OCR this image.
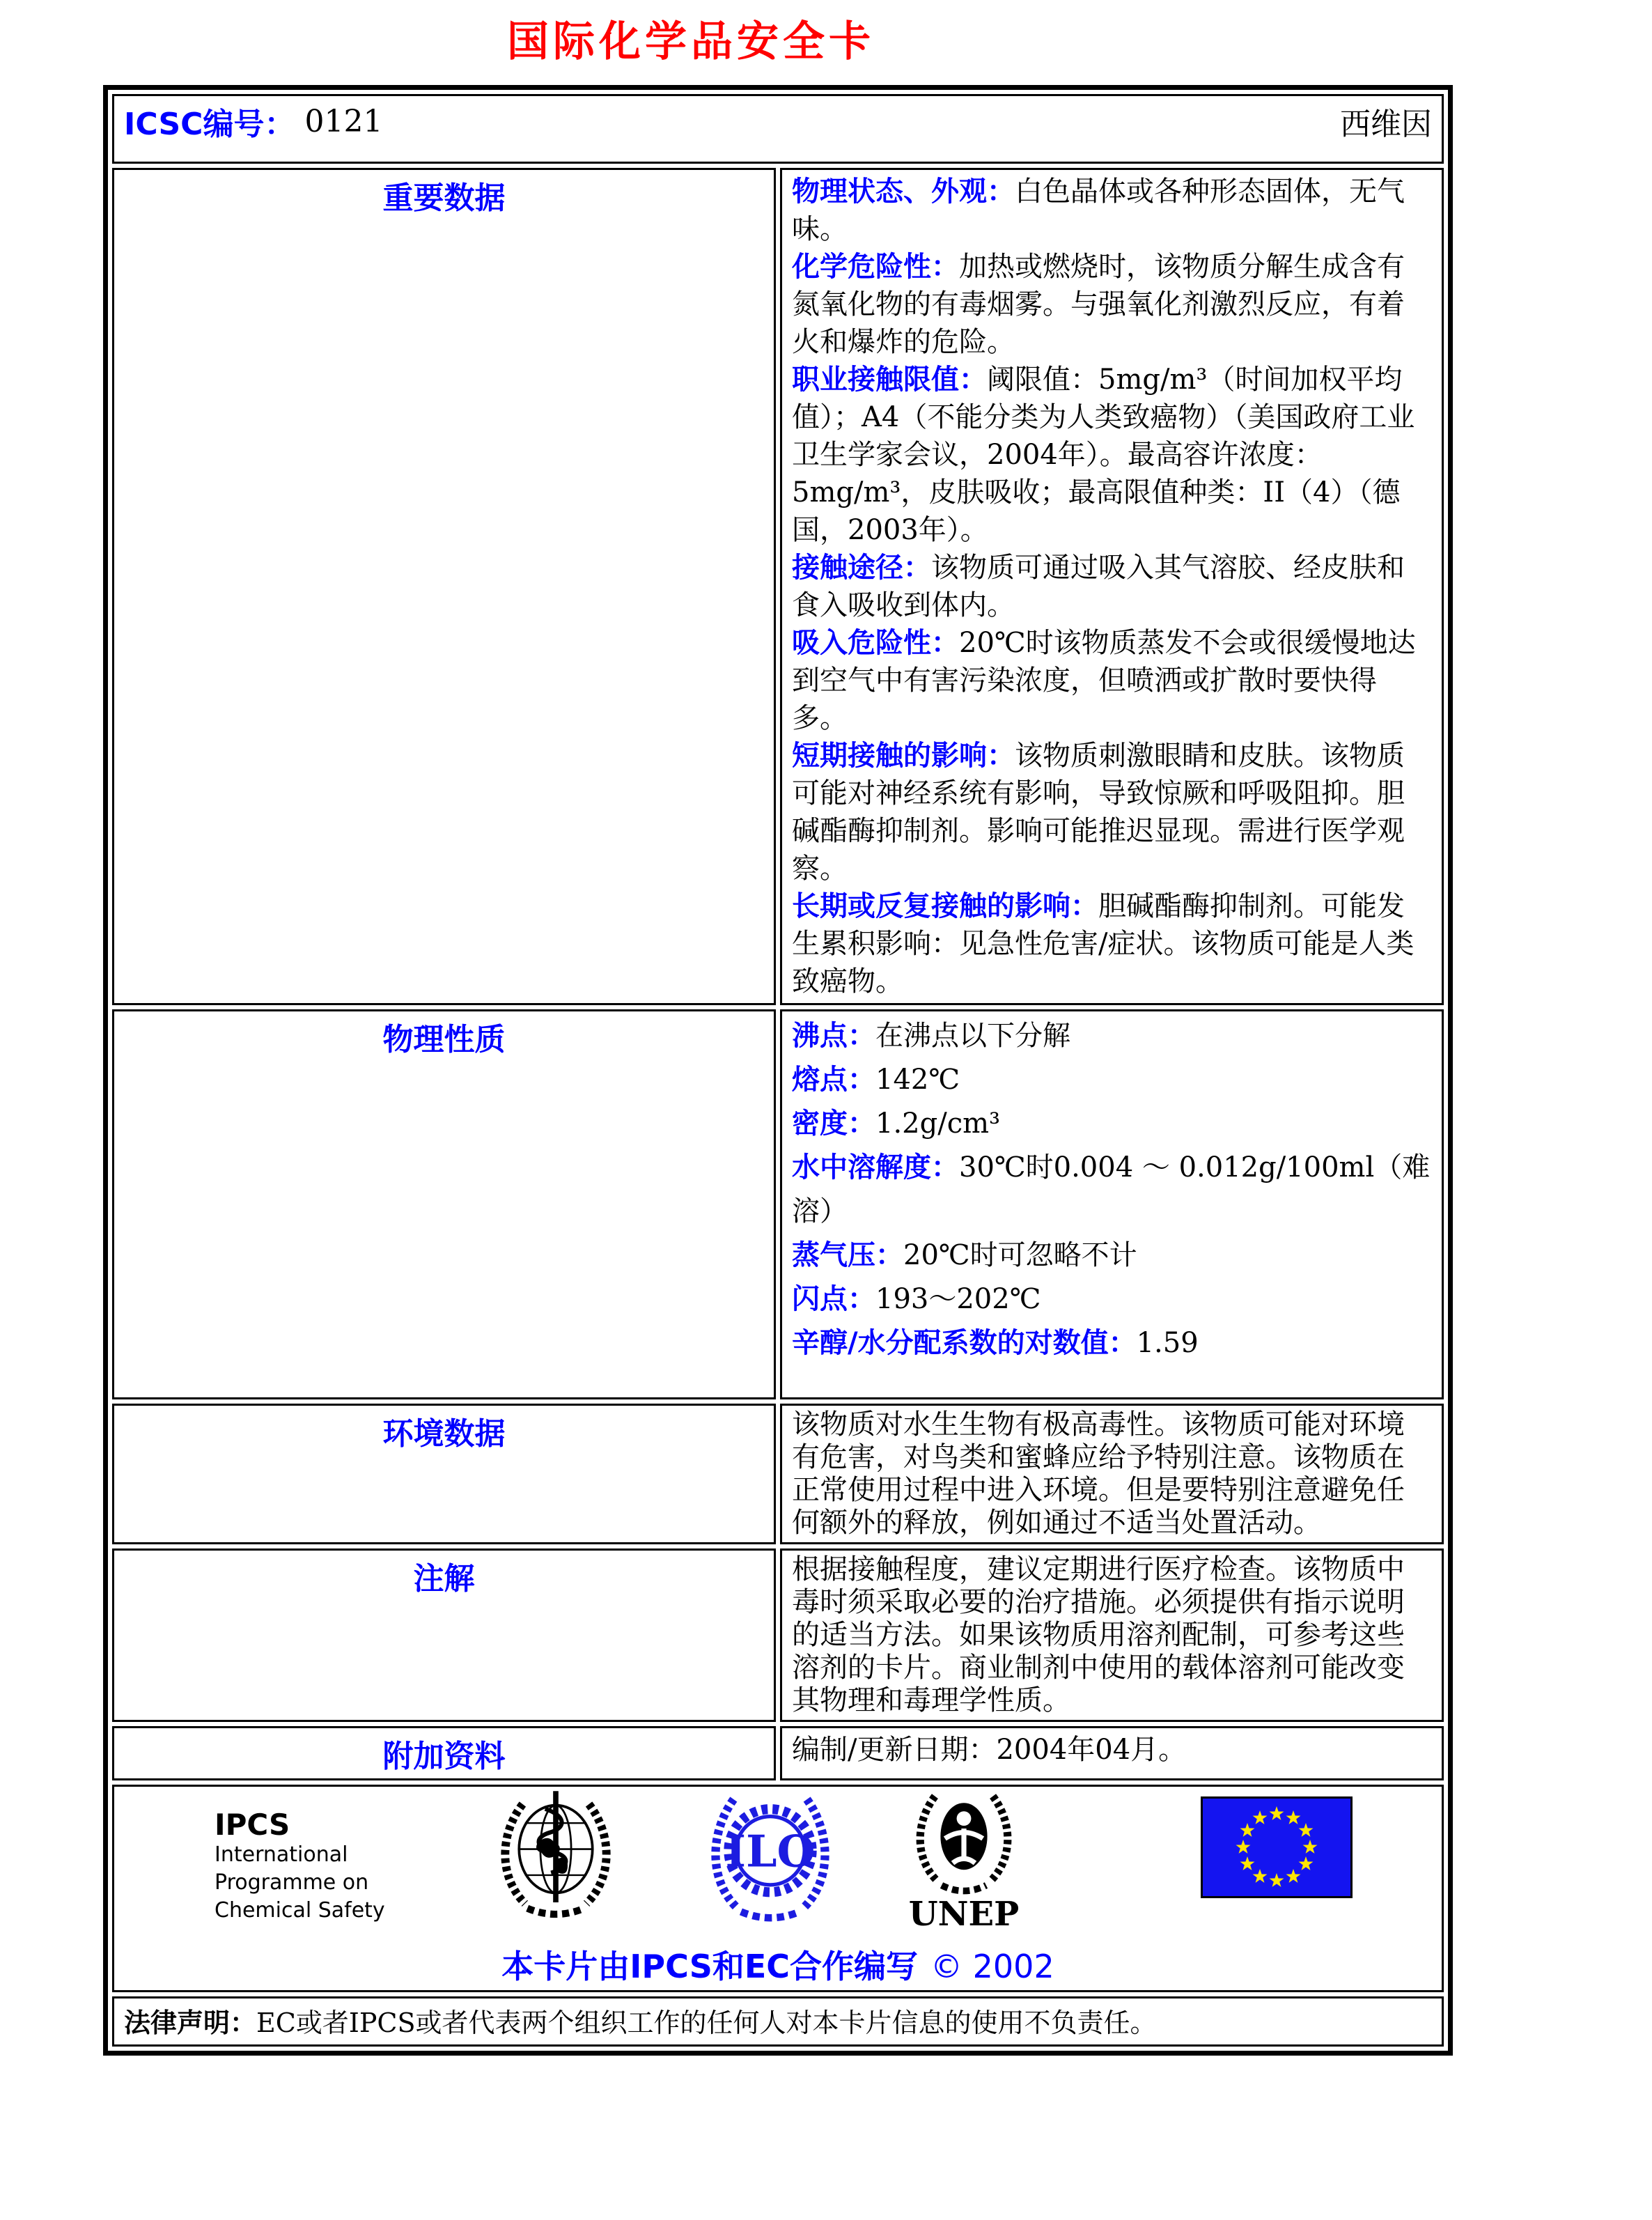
国际化学品安全卡
ICSC编号： 0121 西维因	

重要数据	物理状态、外观：白色晶体或各种形态固体，无气味。

化学危险性：加热或燃烧时，该物质分解生成含有氮氧化物的有毒烟雾。与强氧化剂激烈反应，有着火和爆炸的危险。

职业接触限值：阈限值：5mg/m³（时间加权平均值）；A4（不能分类为人类致癌物）（美国政府工业卫生学家会议，2004年）。最高容许浓度：5mg/m³，皮肤吸收；最高限值种类：II（4）（德国，2003年）。

接触途径：该物质可通过吸入其气溶胶、经皮肤和食入吸收到体内。

吸入危险性：20℃时该物质蒸发不会或很缓慢地达到空气中有害污染浓度，但喷洒或扩散时要快得多。

短期接触的影响：该物质刺激眼睛和皮肤。该物质可能对神经系统有影响，导致惊厥和呼吸阻抑。胆碱酯酶抑制剂。影响可能推迟显现。需进行医学观察。

长期或反复接触的影响：胆碱酯酶抑制剂。可能发生累积影响：见急性危害/症状。该物质可能是人类致癌物。

物理性质	沸点：在沸点以下分解

熔点：142℃

密度：1.2g/cm³

水中溶解度：30℃时0.004 ～ 0.012g/100ml（难溶）

蒸气压：20℃时可忽略不计

闪点：193～202℃

辛醇/水分配系数的对数值：1.59

环境数据	该物质对水生生物有极高毒性。该物质可能对环境有危害，对鸟类和蜜蜂应给予特别注意。该物质在正常使用过程中进入环境。但是要特别注意避免任何额外的释放，例如通过不适当处置活动。

注解	根据接触程度，建议定期进行医疗检查。该物质中毒时须采取必要的治疗措施。必须提供有指示说明的适当方法。如果该物质用溶剂配制，可参考这些溶剂的卡片。商业制剂中使用的载体溶剂可能改变其物理和毒理学性质。

附加资料	编制/更新日期：2004年04月。

IPCS
International
Programme on
Chemical Safety
ILO
UNEP
本卡片由IPCS和EC合作编写 © 2002

法律声明：EC或者IPCS或者代表两个组织工作的任何人对本卡片信息的使用不负责任。	
